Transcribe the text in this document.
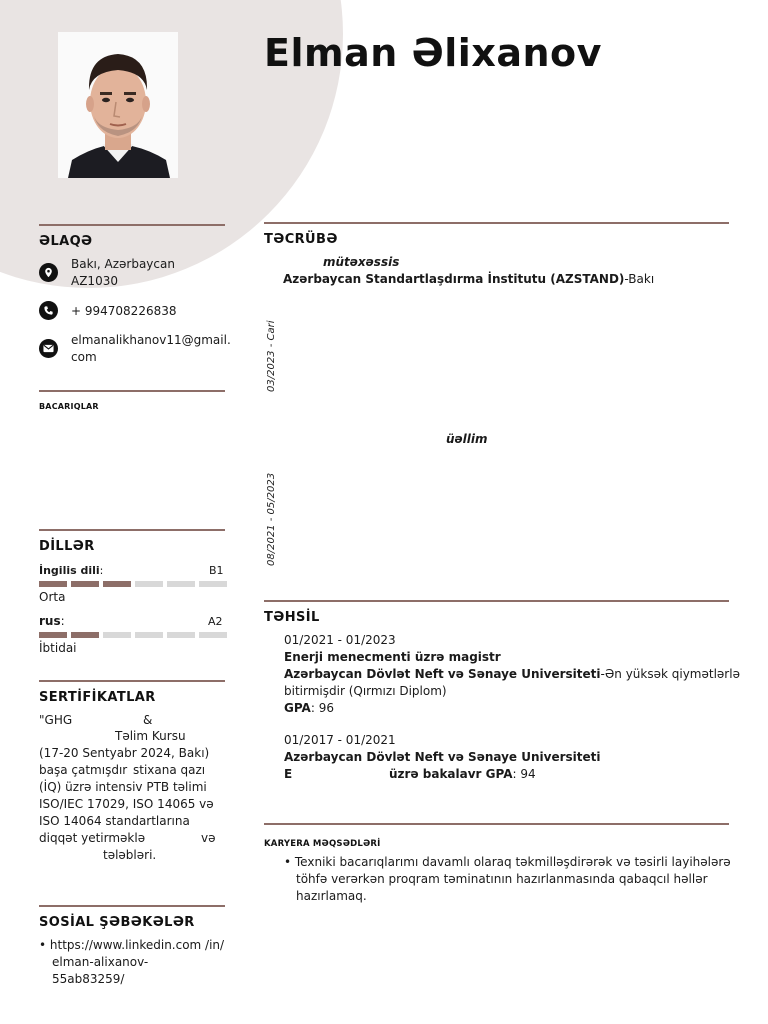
Elman Əlixanov
ƏLAQƏ

Bakı, Azərbaycan

AZ1030

+ 994708226838

elmanalikhanov11@gmail.

com

BACARIQLAR
DİLLƏR

İngilis dili:	B1

Orta

rus:	A2

İbtidai

SERTİFİKATLAR

"GHG	&

Təlim Kursu

(17-20 Sentyabr 2024, Bakı)

başa çatmışdır stixana qazı

(İQ) üzrə intensiv PTB təlimi

ISO/IEC 17029, ISO 14065 və

ISO 14064 standartlarına

diqqət yetirməklə	və

tələbləri.

SOSİAL ŞƏBƏKƏLƏR

• https://www.linkedin.com /in/

elman-alixanov-

55ab83259/

TƏCRÜBƏ

mütəxəssis

Azərbaycan Standartlaşdırma İnstitutu (AZSTAND)-Bakı

03/2023 - Cari

üəllim

08/2021 - 05/2023
TƏHSİL

01/2021 - 01/2023

Enerji menecmenti üzrə magistr

Azərbaycan Dövlət Neft və Sənaye Universiteti-Ən yüksək qiymətlərlə

bitirmişdir (Qırmızı Diplom)

GPA: 96

01/2017 - 01/2021

Azərbaycan Dövlət Neft və Sənaye Universiteti

E	üzrə bakalavr GPA: 94

KARYERA MƏQSƏDLƏRİ

• Texniki bacarıqlarımı davamlı olaraq təkmilləşdirərək və təsirli layihələrə

töhfə verərkən proqram təminatının hazırlanmasında qabaqcıl həllər

hazırlamaq.
